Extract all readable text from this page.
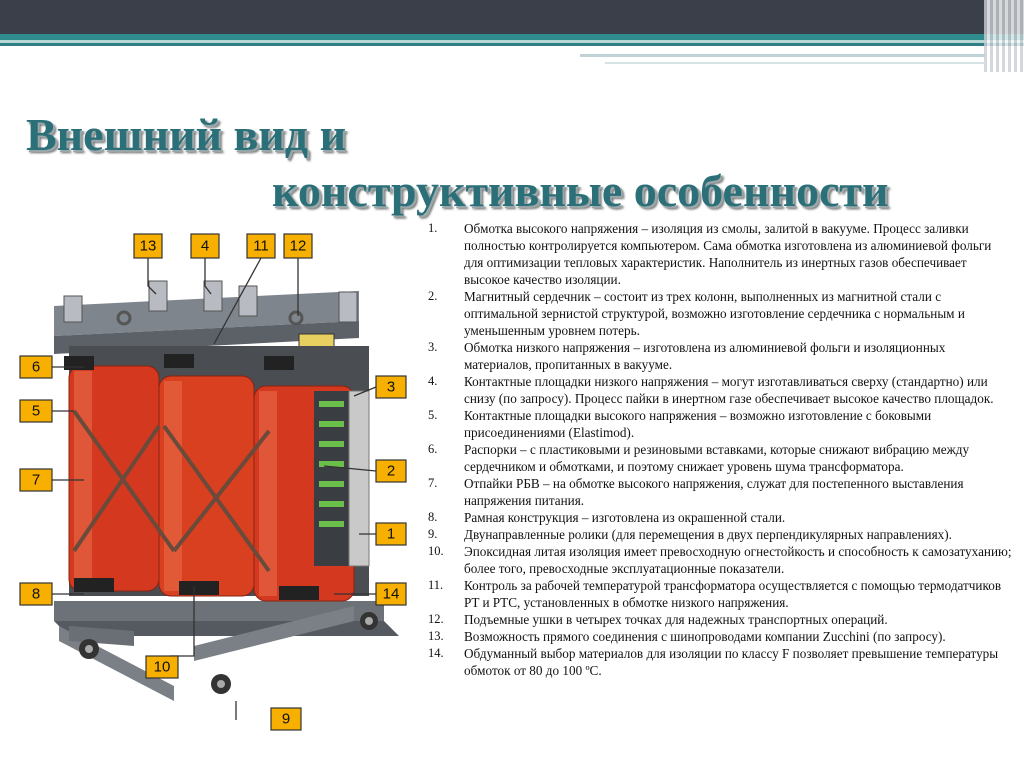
Внешний вид и
конструктивные особенности
13	4	11 12
6
5
7
8
3
2
1
14
10
9
1.	Обмотка высокого напряжения – изоляция из смолы, залитой в вакууме. Процесс заливки полностью контролируется компьютером. Сама обмотка изготовлена из алюминиевой фольги для оптимизации тепловых характеристик. Наполнитель из инертных газов обеспечивает высокое качество изоляции.
2.	Магнитный сердечник – состоит из трех колонн, выполненных из магнитной стали с оптимальной зернистой структурой, возможно изготовление сердечника с нормальным и уменьшенным уровнем потерь.
3.	Обмотка низкого напряжения – изготовлена из алюминиевой фольги и изоляционных материалов, пропитанных в вакууме.
4.	Контактные площадки низкого напряжения – могут изготавливаться сверху (стандартно) или снизу (по запросу). Процесс пайки в инертном газе обеспечивает высокое качество площадок.
5.	Контактные площадки высокого напряжения – возможно изготовление с боковыми присоединениями (Elastimod).
6.	Распорки – с пластиковыми и резиновыми вставками, которые снижают вибрацию между сердечником и обмотками, и поэтому снижает уровень шума трансформатора.
7.	Отпайки РБВ – на обмотке высокого напряжения, служат для постепенного выставления напряжения питания.
8.	Рамная конструкция – изготовлена из окрашенной стали.
9.	Двунаправленные ролики (для перемещения в двух перпендикулярных направлениях).
10.	Эпоксидная литая изоляция имеет превосходную огнестойкость и способность к самозатуханию; более того, превосходные эксплуатационные показатели.
11.	Контроль за рабочей температурой трансформатора осуществляется с помощью термодатчиков PT и PTC, установленных в обмотке низкого напряжения.
12.	Подъемные ушки в четырех точках для надежных транспортных операций.
13.	Возможность прямого соединения с шинопроводами компании Zucchini (по запросу).
14.	Обдуманный выбор материалов для изоляции по классу F позволяет превышение температуры обмоток от 80 до 100 ºС.
